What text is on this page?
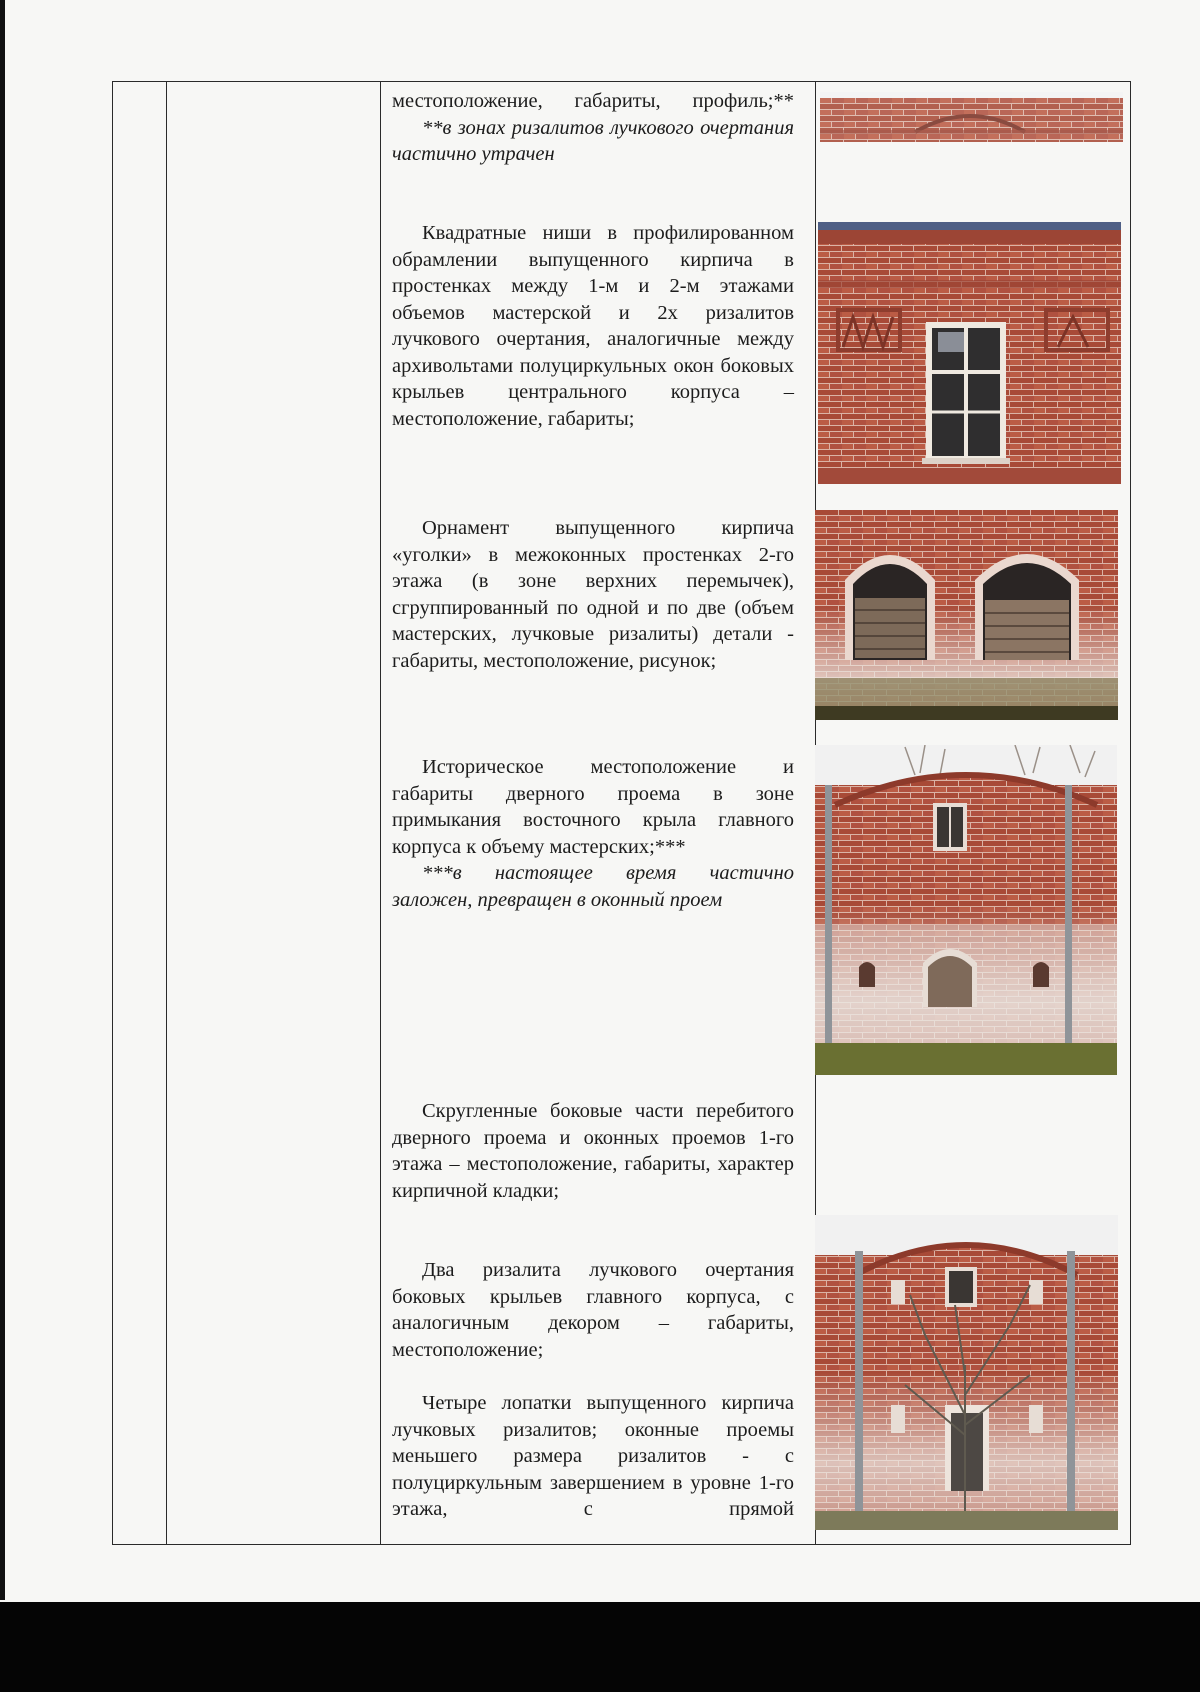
местоположение, габариты, профиль;**

**в зонах ризалитов лучкового очертания частично утрачен

Квадратные ниши в профилированном обрамлении выпущенного кирпича в простенках между 1-м и 2-м этажами объемов мастерской и 2х ризалитов лучкового очертания, аналогичные между архивольтами полуциркульных окон боковых крыльев центрального корпуса – местоположение, габариты;

Орнамент выпущенного кирпича «уголки» в межоконных простенках 2-го этажа (в зоне верхних перемычек), сгруппированный по одной и по две (объем мастерских, лучковые ризалиты) детали - габариты, местоположение, рисунок;

Историческое местоположение и габариты дверного проема в зоне примыкания восточного крыла главного корпуса к объему мастерских;***

***в настоящее время частично заложен, превращен в оконный проем

Скругленные боковые части перебитого дверного проема и оконных проемов 1-го этажа – местоположение, габариты, характер кирпичной кладки;

Два ризалита лучкового очертания боковых крыльев главного корпуса, с аналогичным декором – габариты, местоположение;

Четыре лопатки выпущенного кирпича лучковых ризалитов; оконные проемы меньшего размера ризалитов - с полуциркульным завершением в уровне 1-го этажа, с прямой
